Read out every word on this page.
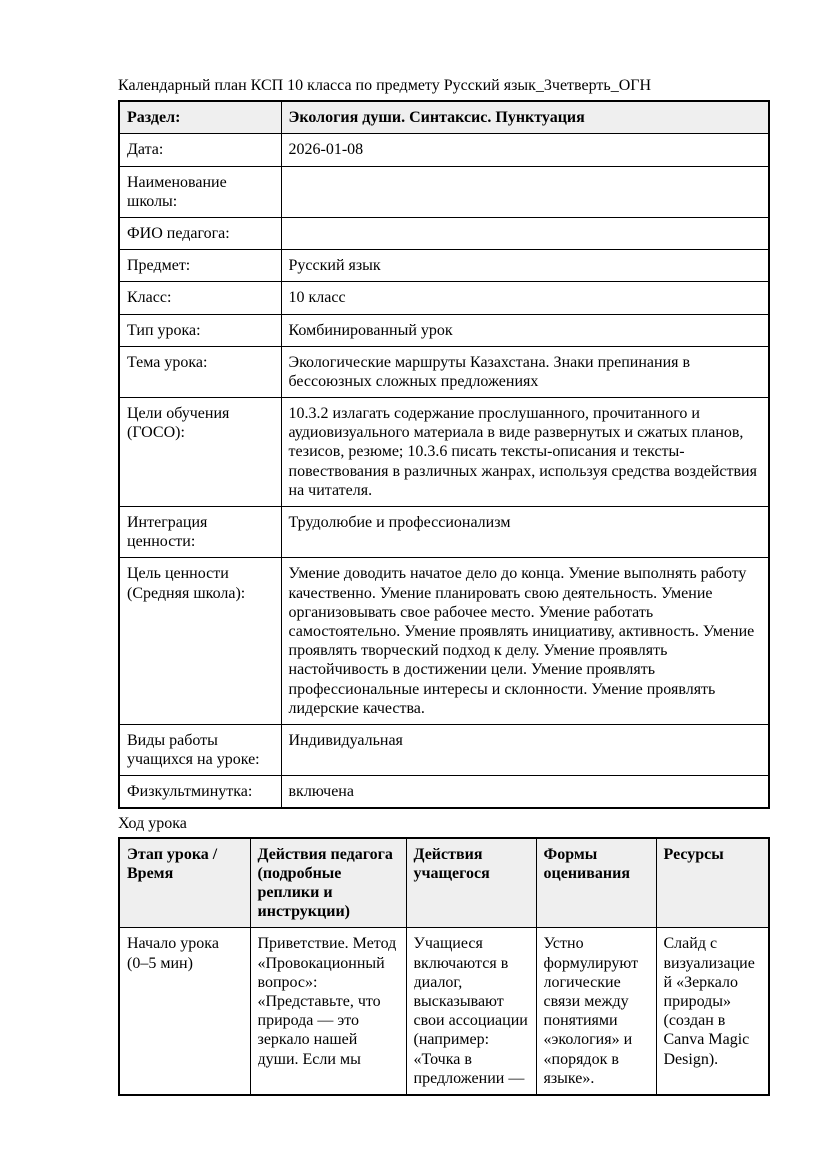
Календарный план КСП 10 класса по предмету Русский язык_3четверть_ОГН

Раздел:	Экология души. Синтаксис. Пунктуация
Дата:	2026-01-08
Наименование школы:	
ФИО педагога:	
Предмет:	Русский язык
Класс:	10 класс
Тип урока:	Комбинированный урок
Тема урока:	Экологические маршруты Казахстана. Знаки препинания в бессоюзных сложных предложениях
Цели обучения (ГОСО):	10.3.2 излагать содержание прослушанного, прочитанного и аудиовизуального материала в виде развернутых и сжатых планов, тезисов, резюме; 10.3.6 писать тексты-описания и тексты-повествования в различных жанрах, используя средства воздействия на читателя.
Интеграция ценности:	Трудолюбие и профессионализм
Цель ценности (Средняя школа):	Умение доводить начатое дело до конца. Умение выполнять работу качественно. Умение планировать свою деятельность. Умение организовывать свое рабочее место. Умение работать самостоятельно. Умение проявлять инициативу, активность. Умение проявлять творческий подход к делу. Умение проявлять настойчивость в достижении цели. Умение проявлять профессиональные интересы и склонности. Умение проявлять лидерские качества.
Виды работы учащихся на уроке:	Индивидуальная
Физкультминутка:	включена

Ход урока

Этап урока / Время	Действия педагога (подробные реплики и инструкции)	Действия учащегося	Формы оценивания	Ресурсы

Начало урока (0–5 мин)	Приветствие. Метод «Провокационный вопрос»: «Представьте, что природа — это зеркало нашей души. Если мы	Учащиеся включаются в диалог, высказывают свои ассоциации (например: «Точка в предложении —	Устно формулируют логические связи между понятиями «экология» и «порядок в языке».	Слайд с визуализацией «Зеркало природы» (создан в Canva Magic Design).
